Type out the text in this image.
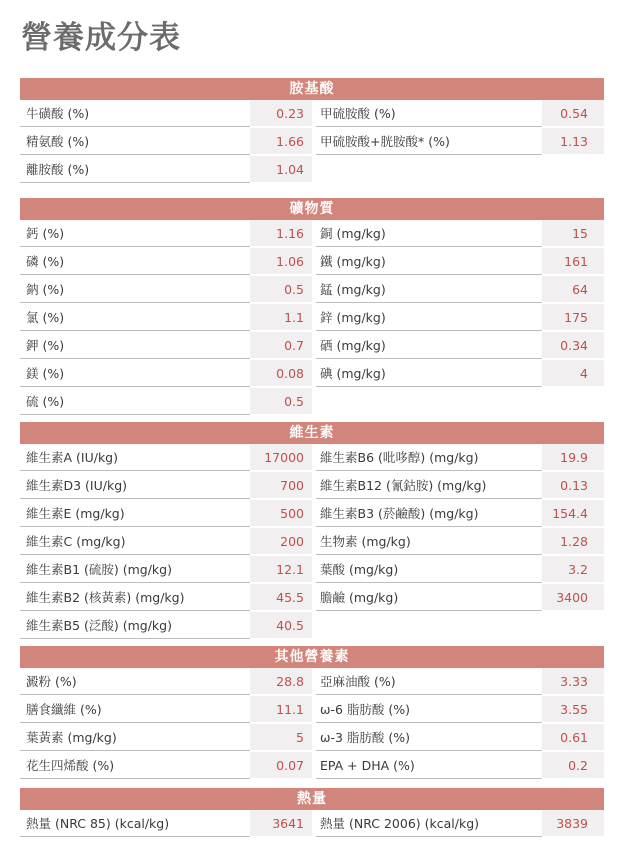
營養成分表
胺基酸
牛磺酸 (%)	0.23	甲硫胺酸 (%)	0.54
精氨酸 (%)	1.66	甲硫胺酸+胱胺酸* (%)	1.13
離胺酸 (%)	1.04
礦物質
鈣 (%)	1.16	銅 (mg/kg)	15
磷 (%)	1.06	鐵 (mg/kg)	161
鈉 (%)	0.5	錳 (mg/kg)	64
氯 (%)	1.1	鋅 (mg/kg)	175
鉀 (%)	0.7	硒 (mg/kg)	0.34
鎂 (%)	0.08	碘 (mg/kg)	4
硫 (%)	0.5
維生素
維生素A (IU/kg)	17000	維生素B6 (吡哆醇) (mg/kg)	19.9
維生素D3 (IU/kg)	700	維生素B12 (氰鈷胺) (mg/kg)	0.13
維生素E (mg/kg)	500	維生素B3 (菸鹼酸) (mg/kg)	154.4
維生素C (mg/kg)	200	生物素 (mg/kg)	1.28
維生素B1 (硫胺) (mg/kg)	12.1	葉酸 (mg/kg)	3.2
維生素B2 (核黃素) (mg/kg)	45.5	膽鹼 (mg/kg)	3400
維生素B5 (泛酸) (mg/kg)	40.5
其他營養素
澱粉 (%)	28.8	亞麻油酸 (%)	3.33
膳食纖維 (%)	11.1	ω-6 脂肪酸 (%)	3.55
葉黃素 (mg/kg)	5	ω-3 脂肪酸 (%)	0.61
花生四烯酸 (%)	0.07	EPA + DHA (%)	0.2
熱量
熱量 (NRC 85) (kcal/kg)	3641	熱量 (NRC 2006) (kcal/kg)	3839
